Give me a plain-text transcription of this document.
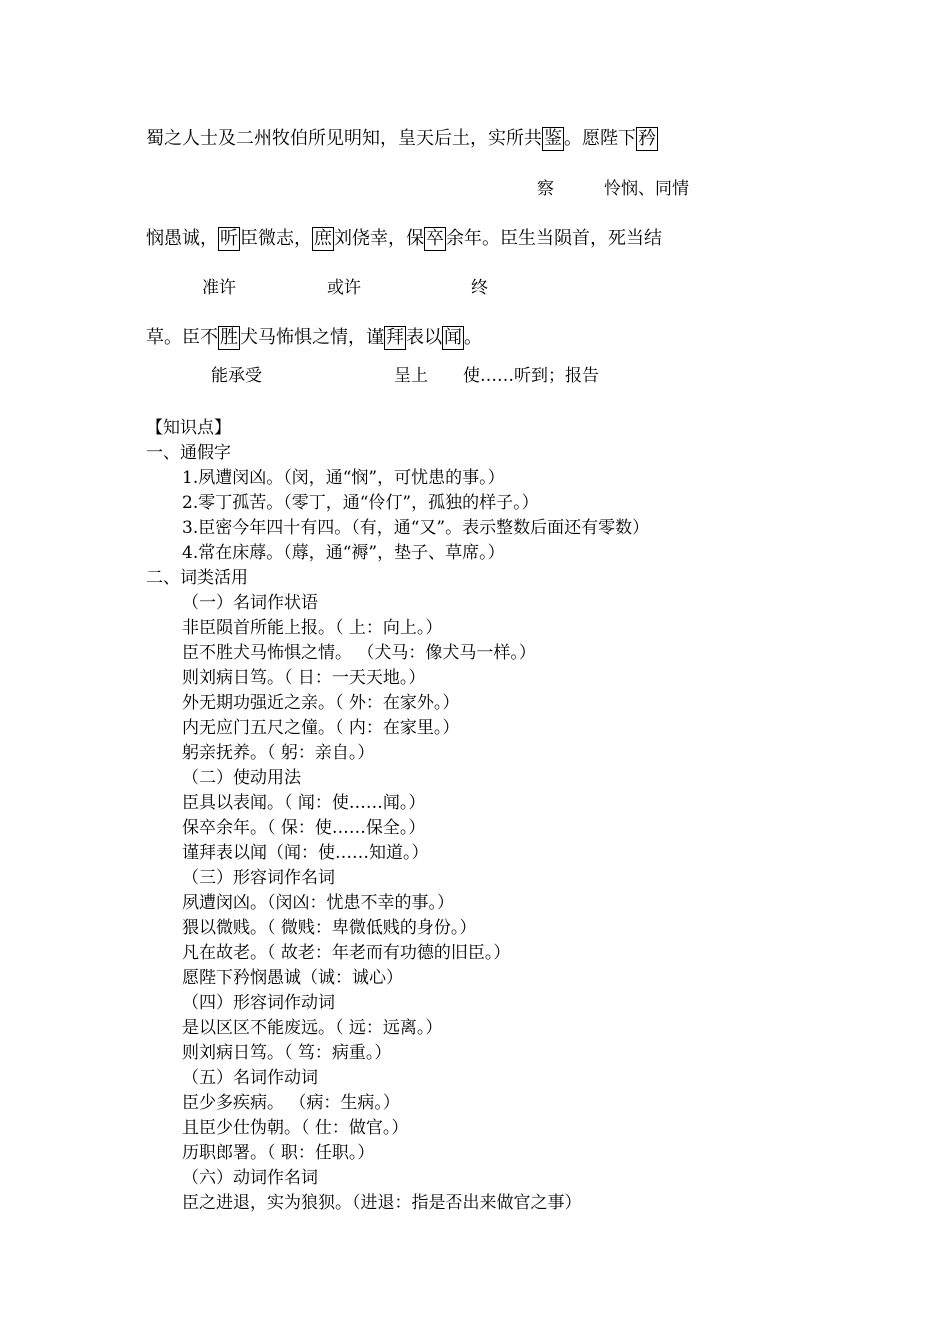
蜀之人士及二州牧伯所见明知，皇天后土，实所共 鉴 。愿陛下 矜
察	怜悯、同情
悯愚诚， 听 臣微志， 庶 刘侥幸，保 卒 余年。臣生当陨首，死当结
准许	或许	终
草。臣不 胜 犬马怖惧之情，谨 拜 表以 闻 。
能承受	呈上 使……听到；报告
【知识点】
一、通假字
1.夙遭闵凶。（闵，通“悯”，可忧患的事。）
2.零丁孤苦。（零丁，通“伶仃”，孤独的样子。）
3.臣密今年四十有四。（有，通“又”。表示整数后面还有零数）
4.常在床蓐。（蓐，通“褥”，垫子、草席。）
二、词类活用
（一）名词作状语
非臣陨首所能上报。（ 上：向上。）
臣不胜犬马怖惧之情。 （犬马：像犬马一样。）
则刘病日笃。（ 日：一天天地。）
外无期功强近之亲。（ 外：在家外。）
内无应门五尺之僮。（ 内：在家里。）
躬亲抚养。（ 躬：亲自。）
（二）使动用法
臣具以表闻。（ 闻：使……闻。）
保卒余年。（ 保：使……保全。）
谨拜表以闻（闻：使……知道。）
（三）形容词作名词
夙遭闵凶。（闵凶：忧患不幸的事。）
猥以微贱。（ 微贱：卑微低贱的身份。）
凡在故老。（ 故老：年老而有功德的旧臣。）
愿陛下矜悯愚诚（诚：诚心）
（四）形容词作动词
是以区区不能废远。（ 远：远离。）
则刘病日笃。（ 笃：病重。）
（五）名词作动词
臣少多疾病。 （病：生病。）
且臣少仕伪朝。（ 仕：做官。）
历职郎署。（ 职：任职。）
（六）动词作名词
臣之进退，实为狼狈。（进退：指是否出来做官之事）
